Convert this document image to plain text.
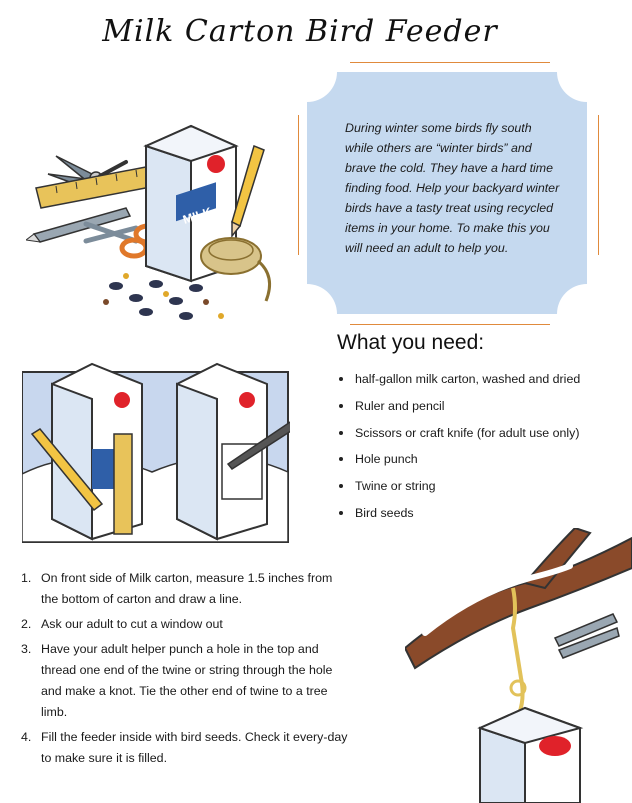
Milk Carton Bird Feeder
MILK
During winter some birds fly south while others are “winter birds” and brave the cold. They have a hard time finding food. Help your backyard winter birds have a tasty treat using recycled items in your home. To make this you will need an adult to help you.
What you need:
half-gallon milk carton, washed and dried
Ruler and pencil
Scissors or craft knife (for adult use only)
Hole punch
Twine or string
Bird seeds
1. On front side of Milk carton, measure 1.5 inches from the bottom of carton and draw a line.
2. Ask our adult to cut a window out
3. Have your adult helper punch a hole in the top and thread one end of the twine or string through the hole and make a knot. Tie the other end of twine to a tree limb.
4. Fill the feeder inside with bird seeds. Check it every-day to make sure it is filled.
